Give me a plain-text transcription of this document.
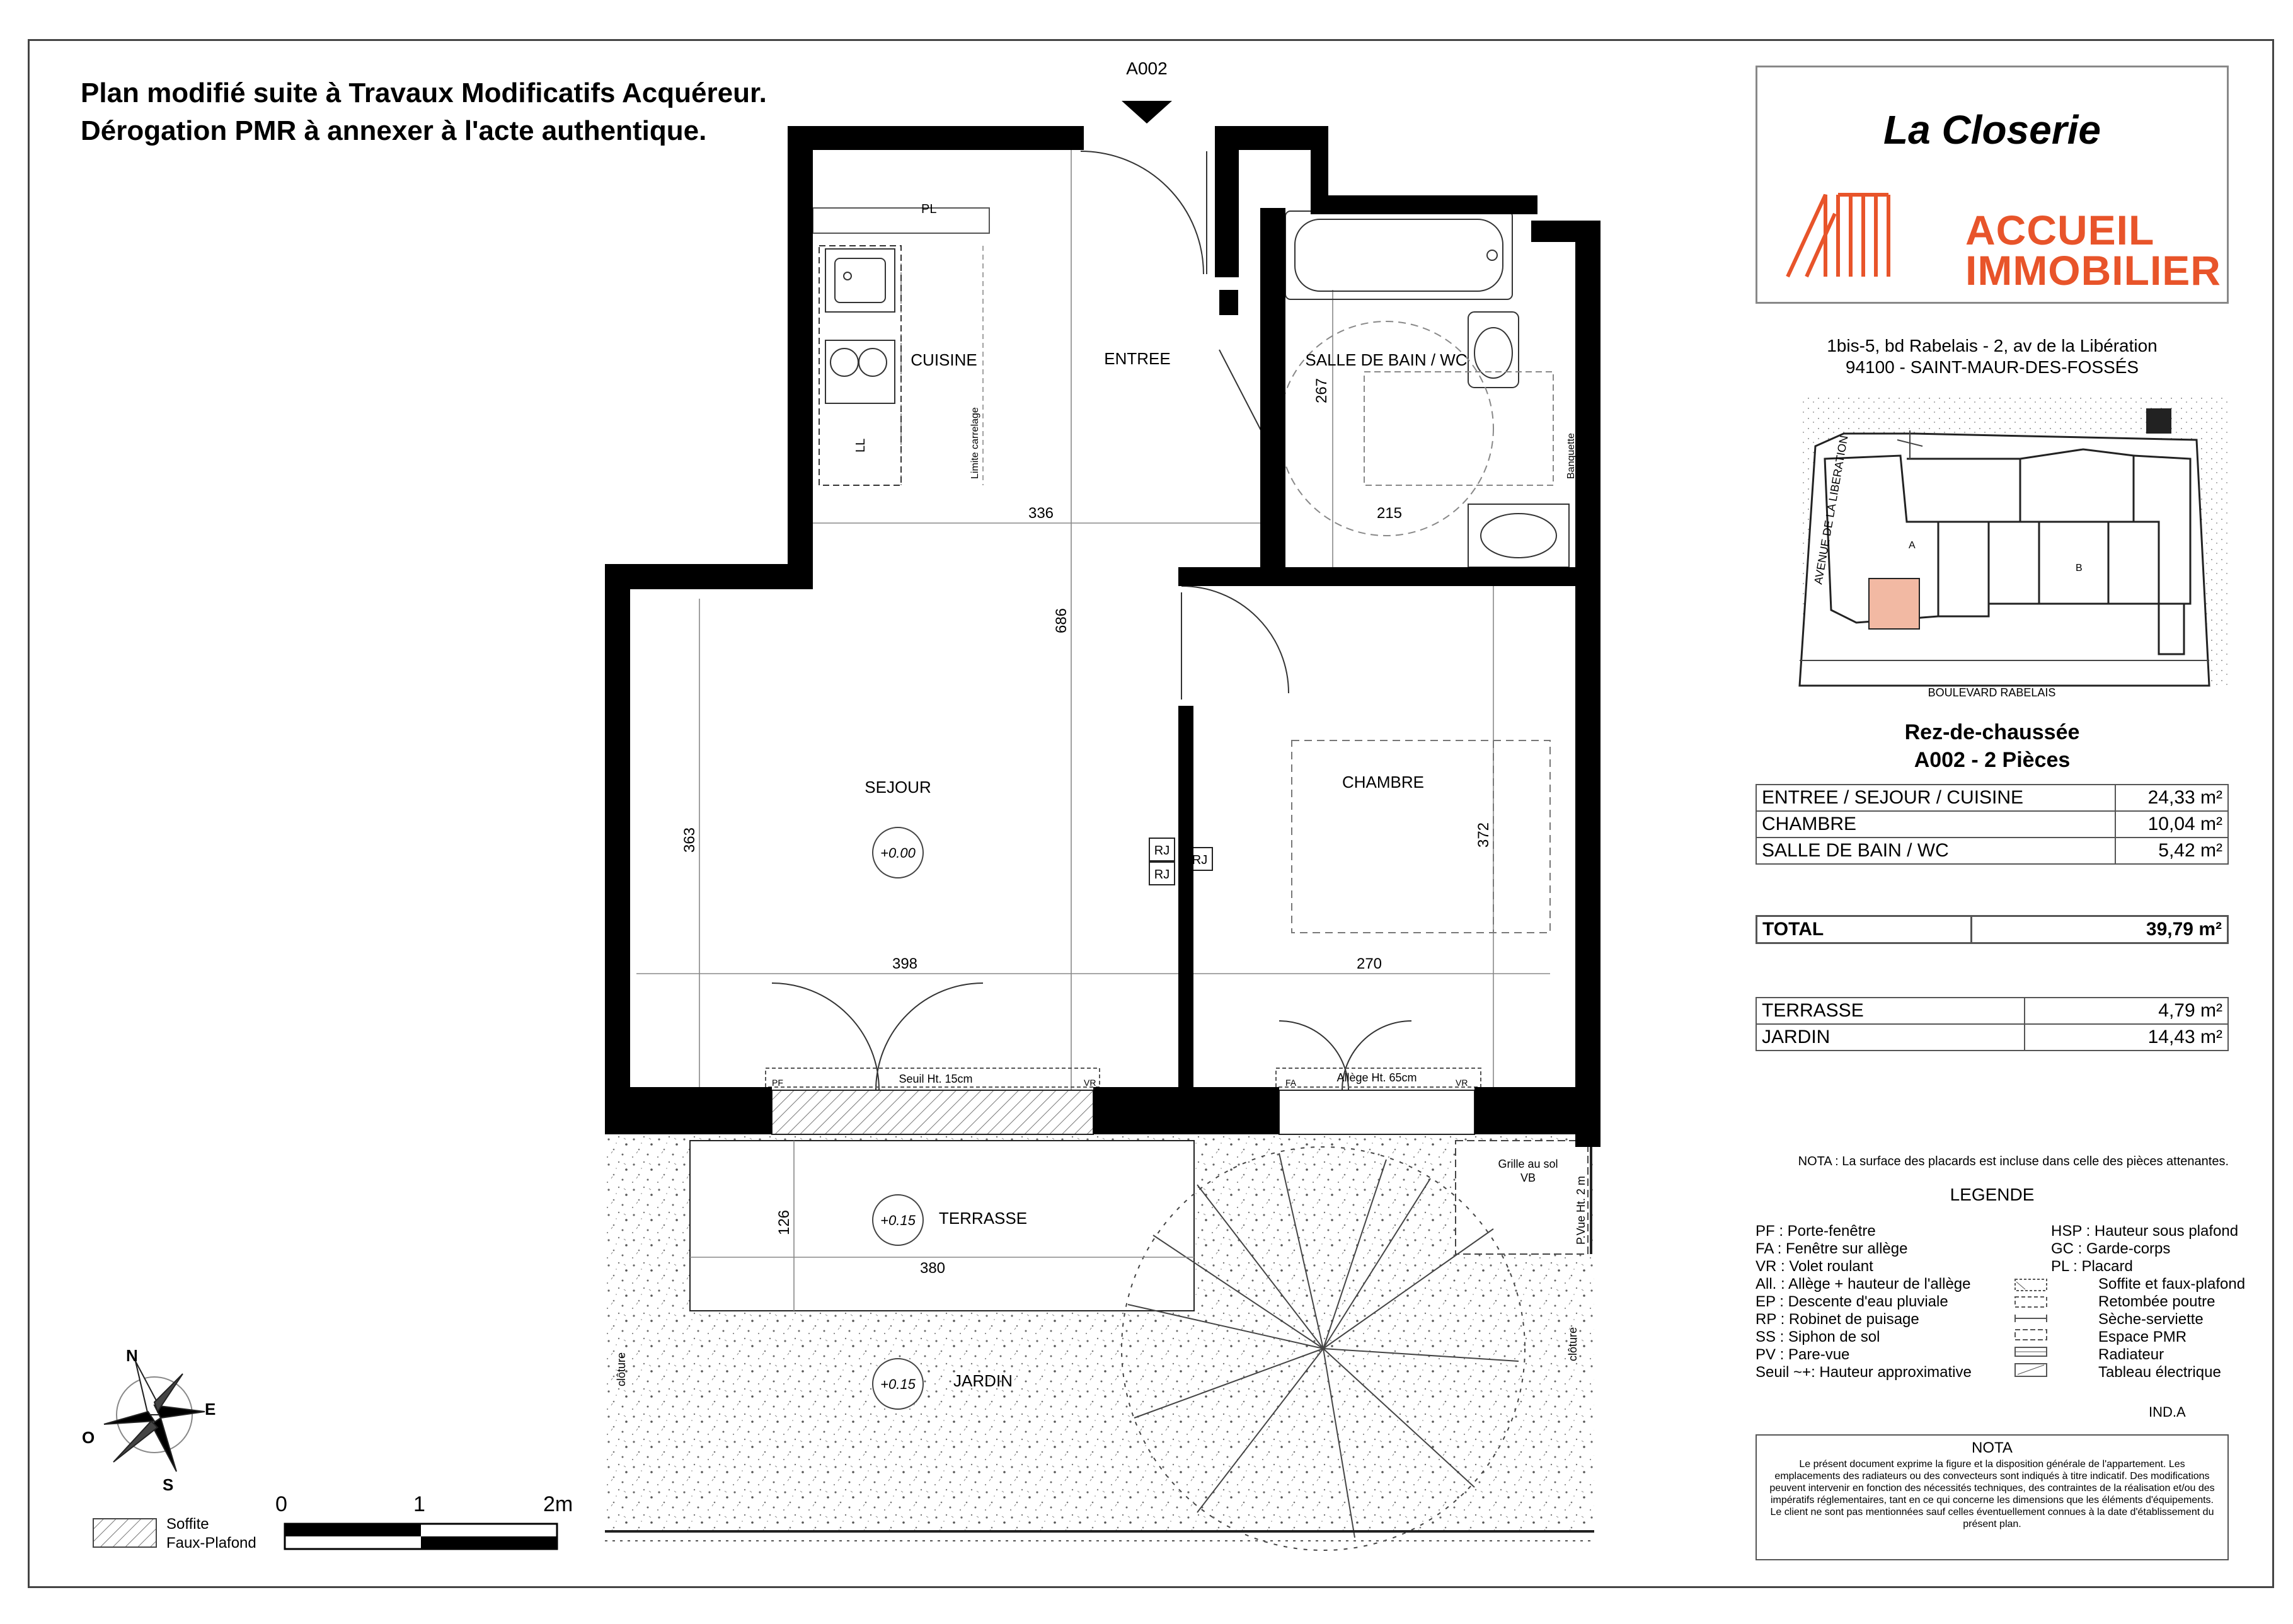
Plan modifié suite à Travaux Modificatifs Acquéreur.
Dérogation PMR à annexer à l'acte authentique.
A002
CUISINE	ENTREE	SALLE DE BAIN / WC
SEJOUR	CHAMBRE
TERRASSE
JARDIN
PL
LL	Limite carrelage	Banquette
RJ
RJ
RJ
Seuil Ht. 15cm	Allège Ht. 65cm
PF	VR	FA	VR
Grille au sol
VB	P.Vue Ht. 2 m
clôture
clôture
+0.00
+0.15
+0.15
336	215
267
686
363	372
398	270
126
380
N
E
S
O
0	1	2m
Soffite
Faux-Plafond
La Closerie
ACCUEIL
IMMOBILIER
1bis-5, bd Rabelais - 2, av de la Libération
94100 - SAINT-MAUR-DES-FOSSÉS
AVENUE DE LA LIBERATION
BOULEVARD RABELAIS
A
B
Rez-de-chaussée
A002 - 2 Pièces
ENTREE / SEJOUR / CUISINE	24,33 m²
CHAMBRE	10,04 m²
SALLE DE BAIN / WC	5,42 m²
TOTAL	39,79 m²
TERRASSE	4,79 m²
JARDIN	14,43 m²
NOTA : La surface des placards est incluse dans celle des pièces attenantes.
LEGENDE
PF : Porte-fenêtre
FA : Fenêtre sur allège
VR : Volet roulant
All. : Allège + hauteur de l'allège
EP : Descente d'eau pluviale
RP : Robinet de puisage
SS : Siphon de sol
PV : Pare-vue
Seuil ~+: Hauteur approximative
HSP : Hauteur sous plafond
GC : Garde-corps
PL : Placard
Soffite et faux-plafond
Retombée poutre
Sèche-serviette
Espace PMR
Radiateur
Tableau électrique
IND.A
NOTA
Le présent document exprime la figure et la disposition générale de l'appartement. Les emplacements des radiateurs ou des convecteurs sont indiqués à titre indicatif. Des modifications peuvent intervenir en fonction des nécessités techniques, des contraintes de la réalisation et/ou des impératifs réglementaires, tant en ce qui concerne les dimensions que les éléments d'équipements. Le client ne sont pas mentionnées sauf celles éventuellement connues à la date d'établissement du présent plan.
